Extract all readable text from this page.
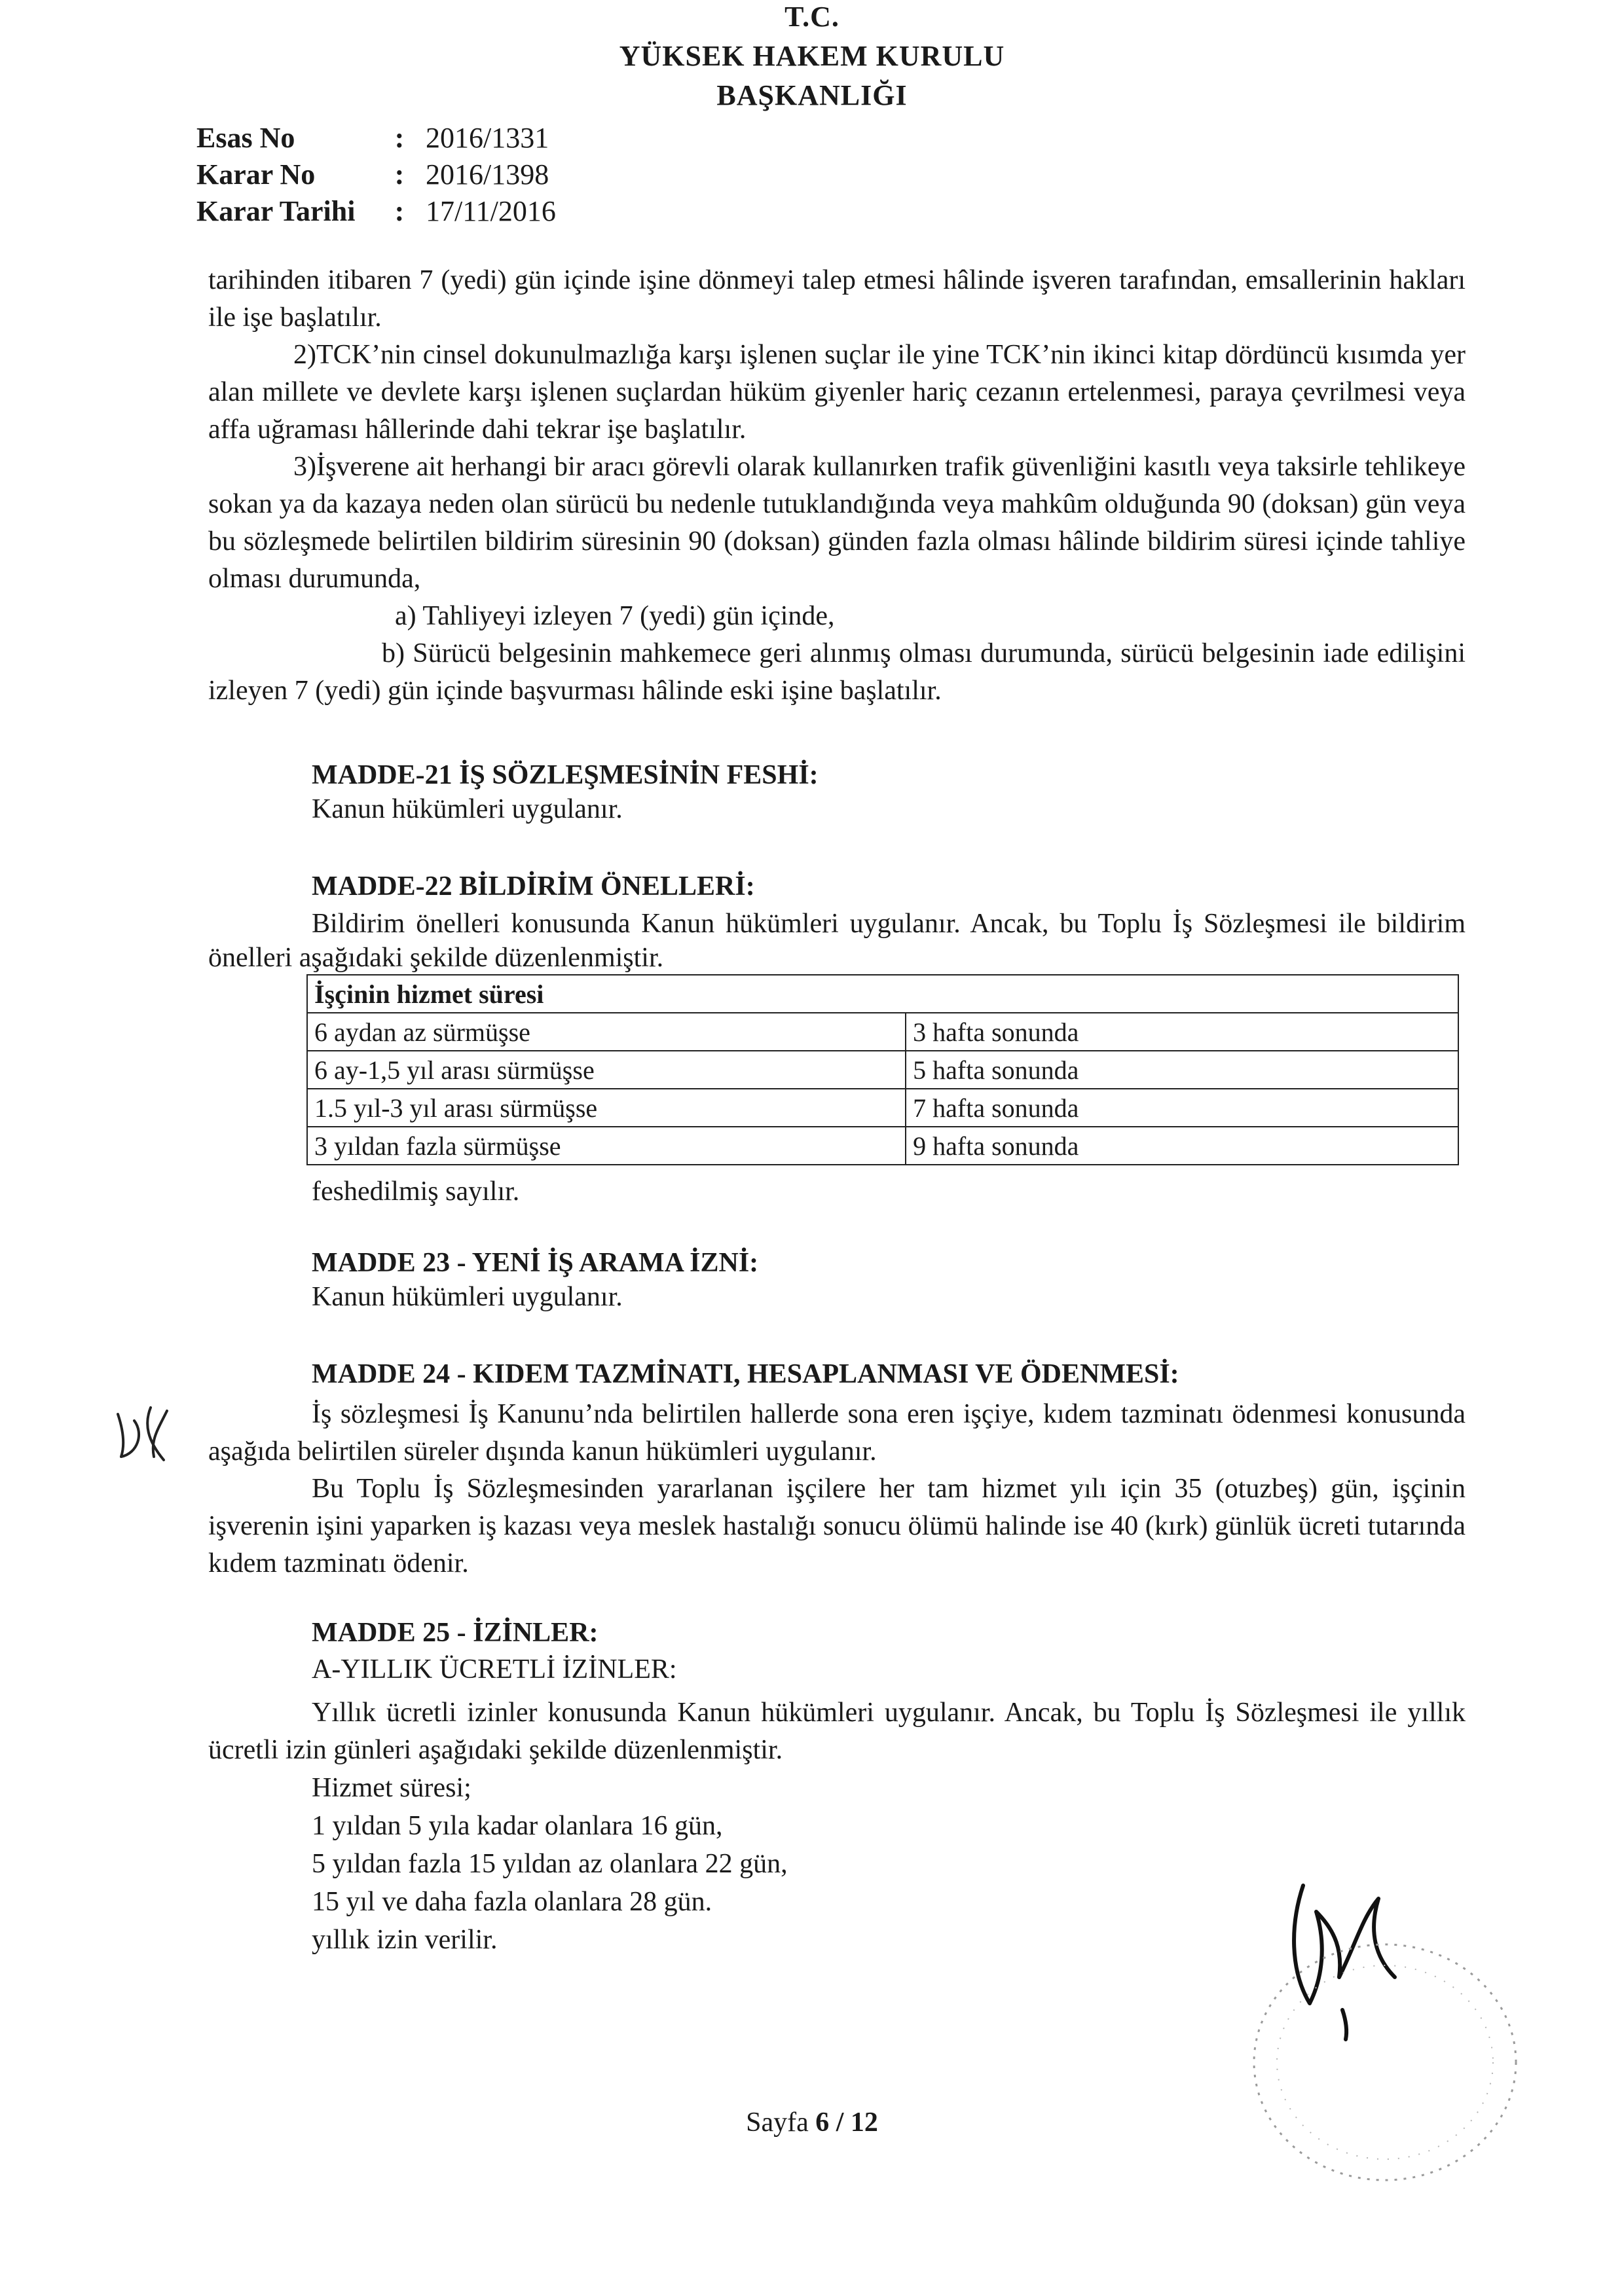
T.C.
YÜKSEK HAKEM KURULU
BAŞKANLIĞI
Esas No	: 2016/1331
Karar No	: 2016/1398
Karar Tarihi : 17/11/2016

tarihinden itibaren 7 (yedi) gün içinde işine dönmeyi talep etmesi hâlinde işveren tarafından, emsallerinin hakları ile işe başlatılır.

2)TCK’nin cinsel dokunulmazlığa karşı işlenen suçlar ile yine TCK’nin ikinci kitap dördüncü kısımda yer alan millete ve devlete karşı işlenen suçlardan hüküm giyenler hariç cezanın ertelenmesi, paraya çevrilmesi veya affa uğraması hâllerinde dahi tekrar işe başlatılır.

3)İşverene ait herhangi bir aracı görevli olarak kullanırken trafik güvenliğini kasıtlı veya taksirle tehlikeye sokan ya da kazaya neden olan sürücü bu nedenle tutuklandığında veya mahkûm olduğunda 90 (doksan) gün veya bu sözleşmede belirtilen bildirim süresinin 90 (doksan) günden fazla olması hâlinde bildirim süresi içinde tahliye olması durumunda,

a) Tahliyeyi izleyen 7 (yedi) gün içinde,

b) Sürücü belgesinin mahkemece geri alınmış olması durumunda, sürücü belgesinin iade edilişini izleyen 7 (yedi) gün içinde başvurması hâlinde eski işine başlatılır.

MADDE-21 İŞ SÖZLEŞMESİNİN FESHİ:

Kanun hükümleri uygulanır.

MADDE-22 BİLDİRİM ÖNELLERİ:

Bildirim önelleri konusunda Kanun hükümleri uygulanır. Ancak, bu Toplu İş Sözleşmesi ile bildirim önelleri aşağıdaki şekilde düzenlenmiştir.
İşçinin hizmet süresi	
6 aydan az sürmüşse	3 hafta sonunda
6 ay-1,5 yıl arası sürmüşse	5 hafta sonunda
1.5 yıl-3 yıl arası sürmüşse	7 hafta sonunda
3 yıldan fazla sürmüşse	9 hafta sonunda
feshedilmiş sayılır.

MADDE 23 - YENİ İŞ ARAMA İZNİ:

Kanun hükümleri uygulanır.

MADDE 24 - KIDEM TAZMİNATI, HESAPLANMASI VE ÖDENMESİ:

İş sözleşmesi İş Kanunu’nda belirtilen hallerde sona eren işçiye, kıdem tazminatı ödenmesi konusunda aşağıda belirtilen süreler dışında kanun hükümleri uygulanır.

Bu Toplu İş Sözleşmesinden yararlanan işçilere her tam hizmet yılı için 35 (otuzbeş) gün, işçinin işverenin işini yaparken iş kazası veya meslek hastalığı sonucu ölümü halinde ise 40 (kırk) günlük ücreti tutarında kıdem tazminatı ödenir.

MADDE 25 - İZİNLER:

A-YILLIK ÜCRETLİ İZİNLER:

Yıllık ücretli izinler konusunda Kanun hükümleri uygulanır. Ancak, bu Toplu İş Sözleşmesi ile yıllık ücretli izin günleri aşağıdaki şekilde düzenlenmiştir.
Hizmet süresi;
1 yıldan 5 yıla kadar olanlara 16 gün,
5 yıldan fazla 15 yıldan az olanlara 22 gün,
15 yıl ve daha fazla olanlara 28 gün.
yıllık izin verilir.
Sayfa 6 / 12
